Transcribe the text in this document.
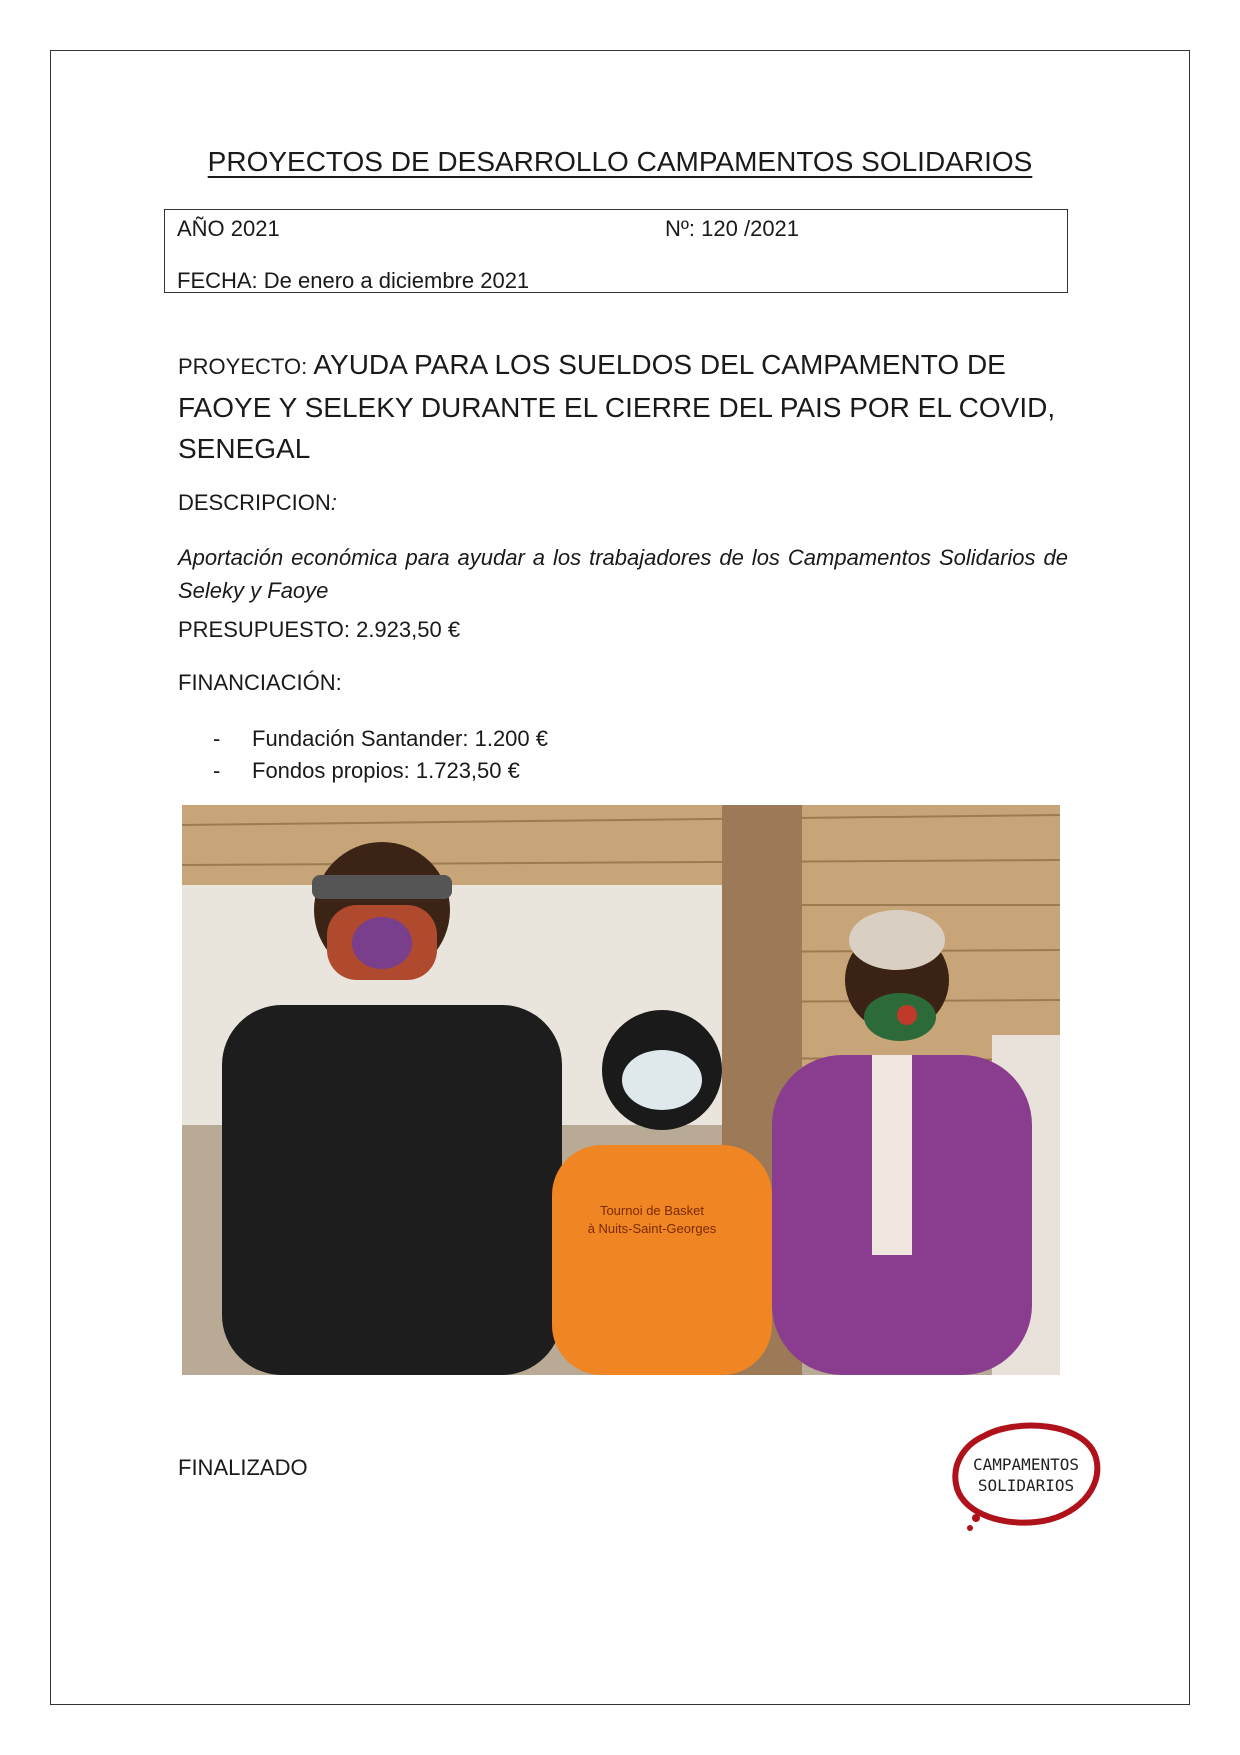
PROYECTOS DE DESARROLLO CAMPAMENTOS SOLIDARIOS
AÑO 2021	Nº: 120 /2021
FECHA: De enero a diciembre 2021
PROYECTO: AYUDA PARA LOS SUELDOS DEL CAMPAMENTO DE FAOYE Y SELEKY DURANTE EL CIERRE DEL PAIS POR EL COVID, SENEGAL
DESCRIPCION:
Aportación económica para ayudar a los trabajadores de los Campamentos Solidarios de Seleky y Faoye
PRESUPUESTO: 2.923,50 €
FINANCIACIÓN:
- Fundación Santander: 1.200 €
- Fondos propios: 1.723,50 €
Tournoi de Basket
à Nuits-Saint-Georges
FINALIZADO	CAMPAMENTOS
SOLIDARIOS
